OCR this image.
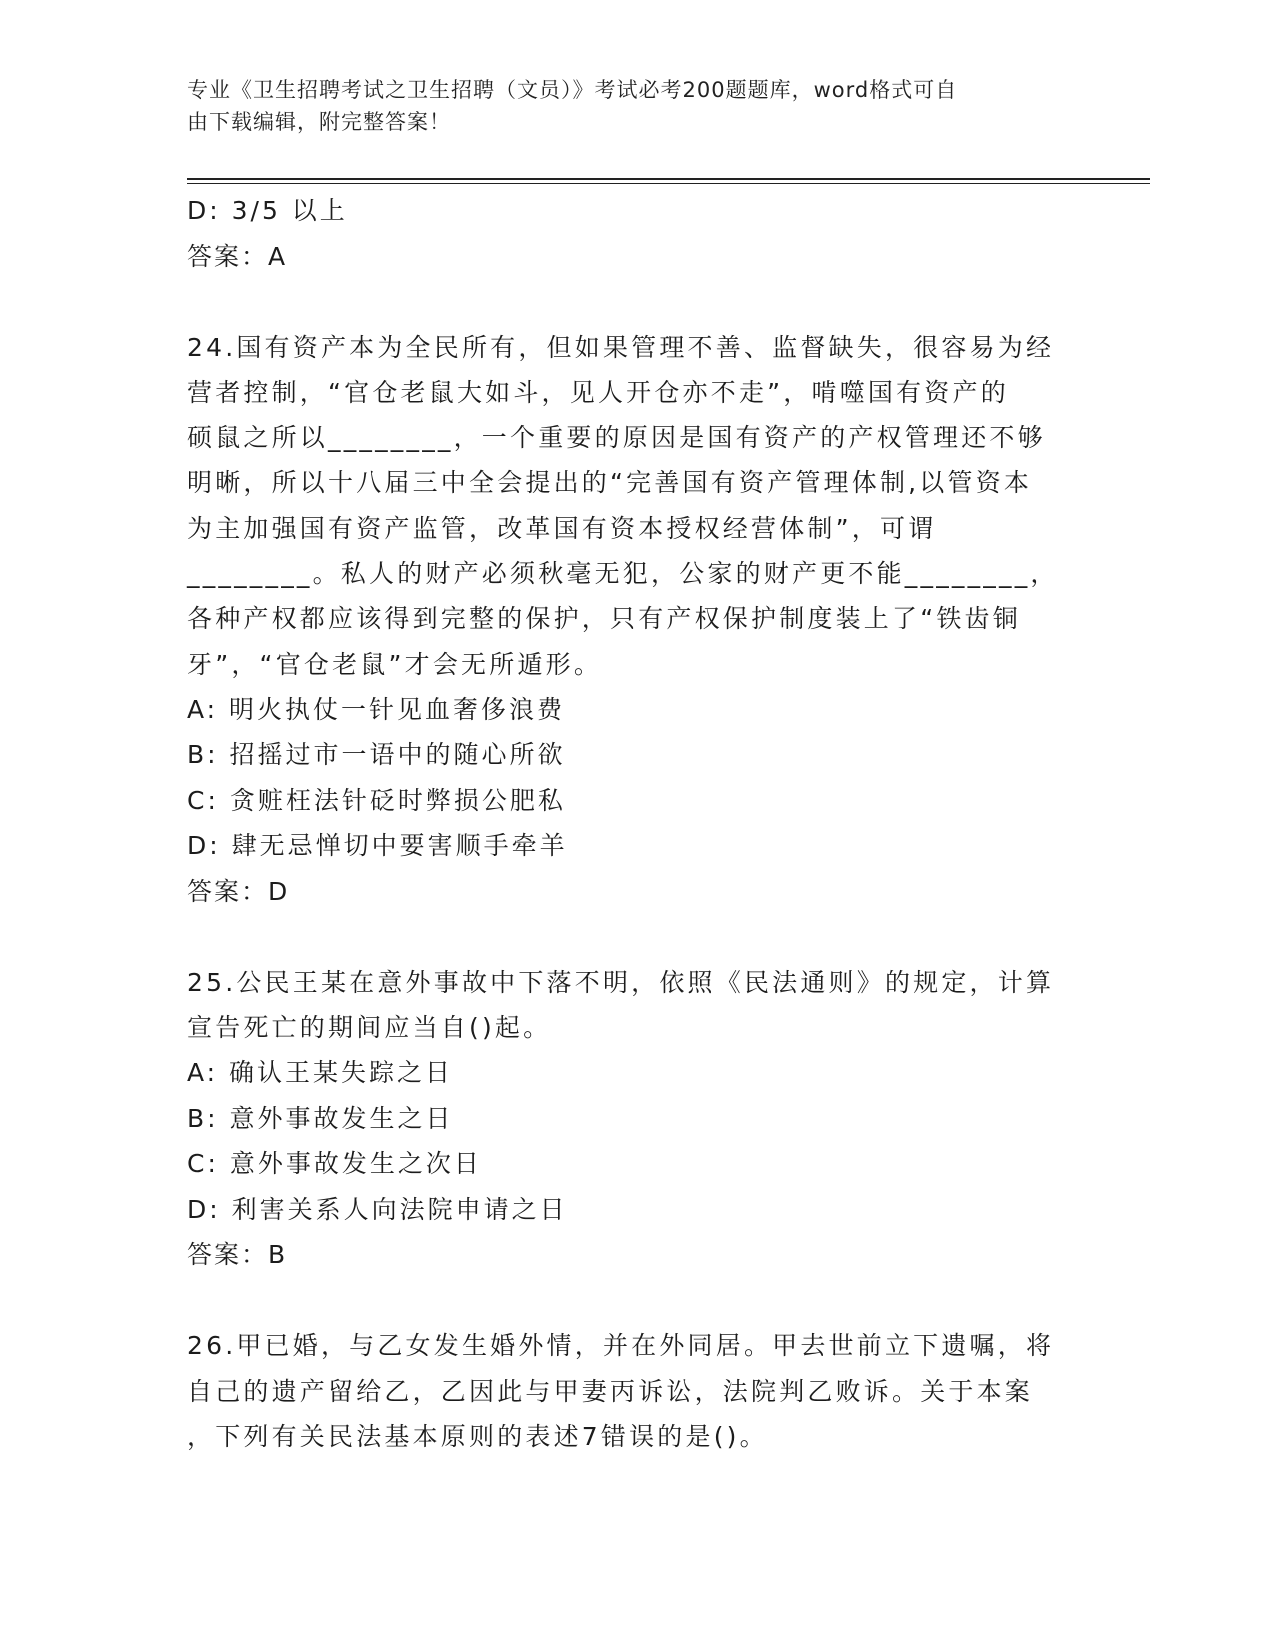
专业《卫生招聘考试之卫生招聘（文员）》考试必考200题题库，word格式可自
由下载编辑，附完整答案！
D: 3/5 以上
答案：A
24.国有资产本为全民所有，但如果管理不善、监督缺失，很容易为经
营者控制，“官仓老鼠大如斗，见人开仓亦不走”，啃噬国有资产的
硕鼠之所以________，一个重要的原因是国有资产的产权管理还不够
明晰，所以十八届三中全会提出的“完善国有资产管理体制,以管资本
为主加强国有资产监管，改革国有资本授权经营体制”，可谓
________。私人的财产必须秋毫无犯，公家的财产更不能________，
各种产权都应该得到完整的保护，只有产权保护制度装上了“铁齿铜
牙”，“官仓老鼠”才会无所遁形。
A: 明火执仗一针见血奢侈浪费
B: 招摇过市一语中的随心所欲
C: 贪赃枉法针砭时弊损公肥私
D: 肆无忌惮切中要害顺手牵羊
答案：D
25.公民王某在意外事故中下落不明，依照《民法通则》的规定，计算
宣告死亡的期间应当自()起。
A: 确认王某失踪之日
B: 意外事故发生之日
C: 意外事故发生之次日
D: 利害关系人向法院申请之日
答案：B
26.甲已婚，与乙女发生婚外情，并在外同居。甲去世前立下遗嘱，将
自己的遗产留给乙，乙因此与甲妻丙诉讼，法院判乙败诉。关于本案
，下列有关民法基本原则的表述7错误的是()。
